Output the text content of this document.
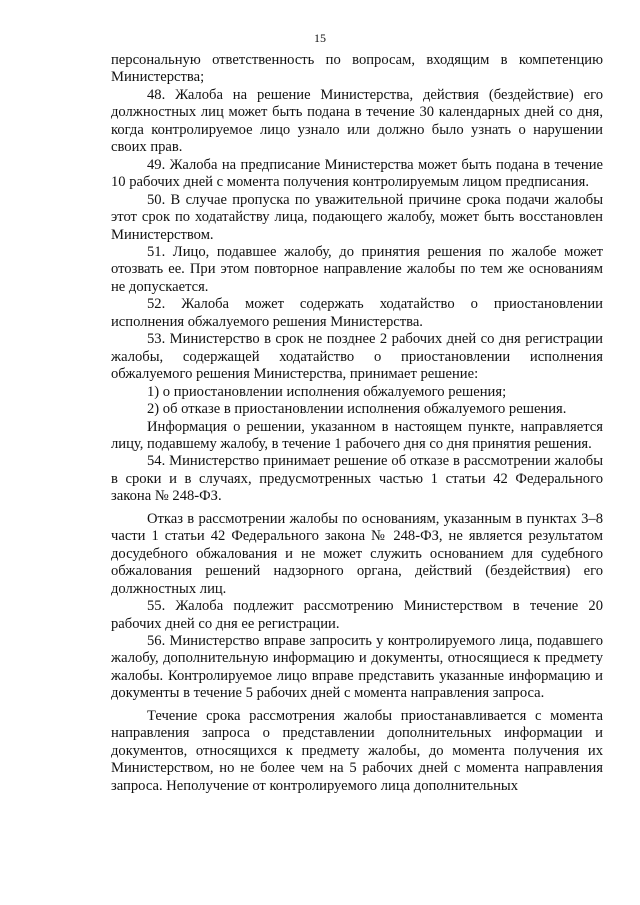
15

персональную ответственность по вопросам, входящим в компетенцию Министерства;

48. Жалоба на решение Министерства, действия (бездействие) его должностных лиц может быть подана в течение 30 календарных дней со дня, когда контролируемое лицо узнало или должно было узнать о нарушении своих прав.

49. Жалоба на предписание Министерства может быть подана в течение 10 рабочих дней с момента получения контролируемым лицом предписания.

50. В случае пропуска по уважительной причине срока подачи жалобы этот срок по ходатайству лица, подающего жалобу, может быть восстановлен Министерством.

51. Лицо, подавшее жалобу, до принятия решения по жалобе может отозвать ее. При этом повторное направление жалобы по тем же основаниям не допускается.

52. Жалоба может содержать ходатайство о приостановлении исполнения обжалуемого решения Министерства.

53. Министерство в срок не позднее 2 рабочих дней со дня регистрации жалобы, содержащей ходатайство о приостановлении исполнения обжалуемого решения Министерства, принимает решение:

1) о приостановлении исполнения обжалуемого решения;

2) об отказе в приостановлении исполнения обжалуемого решения.

Информация о решении, указанном в настоящем пункте, направляется лицу, подавшему жалобу, в течение 1 рабочего дня со дня принятия решения.

54. Министерство принимает решение об отказе в рассмотрении жалобы в сроки и в случаях, предусмотренных частью 1 статьи 42 Федерального закона № 248-ФЗ.

Отказ в рассмотрении жалобы по основаниям, указанным в пунктах 3–8 части 1 статьи 42 Федерального закона № 248-ФЗ, не является результатом досудебного обжалования и не может служить основанием для судебного обжалования решений надзорного органа, действий (бездействия) его должностных лиц.

55. Жалоба подлежит рассмотрению Министерством в течение 20 рабочих дней со дня ее регистрации.

56. Министерство вправе запросить у контролируемого лица, подавшего жалобу, дополнительную информацию и документы, относящиеся к предмету жалобы. Контролируемое лицо вправе представить указанные информацию и документы в течение 5 рабочих дней с момента направления запроса.

Течение срока рассмотрения жалобы приостанавливается с момента направления запроса о представлении дополнительных информации и документов, относящихся к предмету жалобы, до момента получения их Министерством, но не более чем на 5 рабочих дней с момента направления запроса. Неполучение от контролируемого лица дополнительных
